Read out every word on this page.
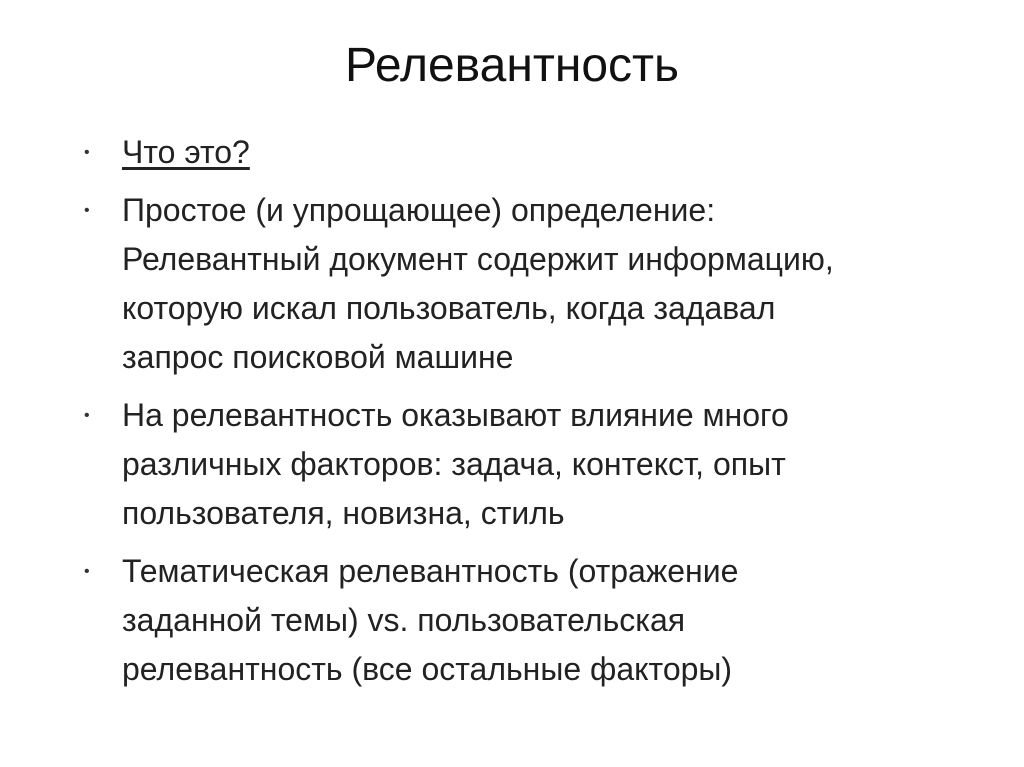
Релевантность
• Что это?
• Простое (и упрощающее) определение:
Релевантный документ содержит информацию,
которую искал пользователь, когда задавал
запрос поисковой машине
• На релевантность оказывают влияние много
различных факторов: задача, контекст, опыт
пользователя, новизна, стиль
• Тематическая релевантность (отражение
заданной темы) vs. пользовательская
релевантность (все остальные факторы)
